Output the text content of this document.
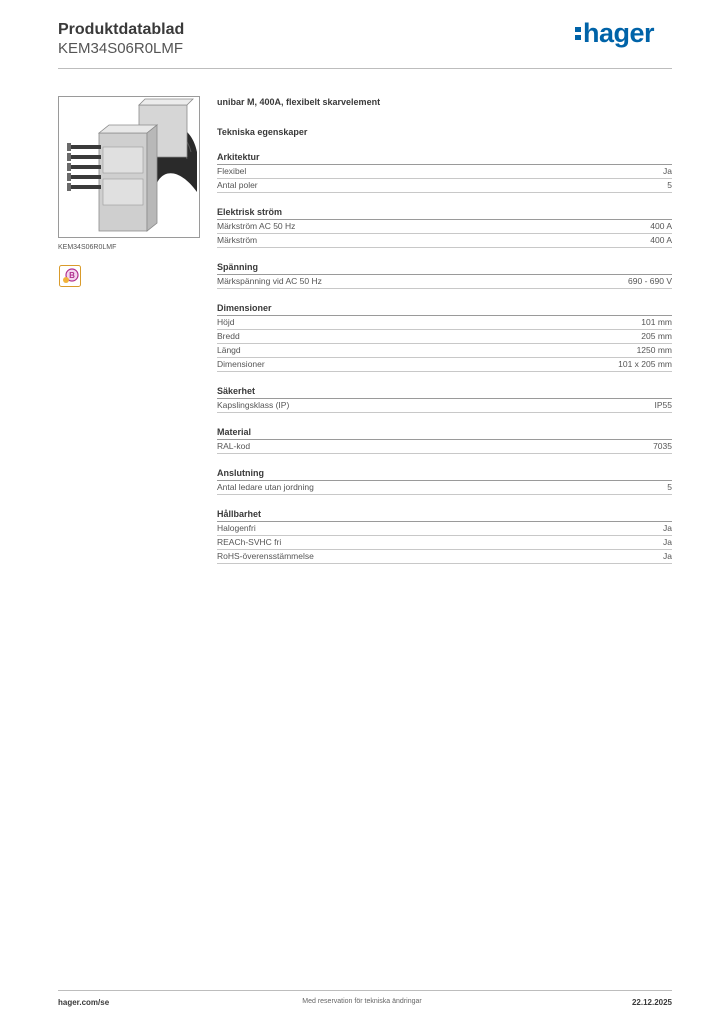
Produktdatablad
KEM34S06R0LMF
hager
KEM34S06R0LMF
B
unibar M, 400A, flexibelt skarvelement
Tekniska egenskaper
Arkitektur
Flexibel	Ja
Antal poler	5
Elektrisk ström
Märkström AC 50 Hz	400 A
Märkström	400 A
Spänning
Märkspänning vid AC 50 Hz	690 - 690 V
Dimensioner
Höjd	101 mm
Bredd	205 mm
Längd	1250 mm
Dimensioner	101 x 205 mm
Säkerhet
Kapslingsklass (IP)	IP55
Material
RAL-kod	7035
Anslutning
Antal ledare utan jordning	5
Hållbarhet
Halogenfri	Ja
REACh-SVHC fri	Ja
RoHS-överensstämmelse	Ja
hager.com/se	Med reservation för tekniska ändringar	22.12.2025
